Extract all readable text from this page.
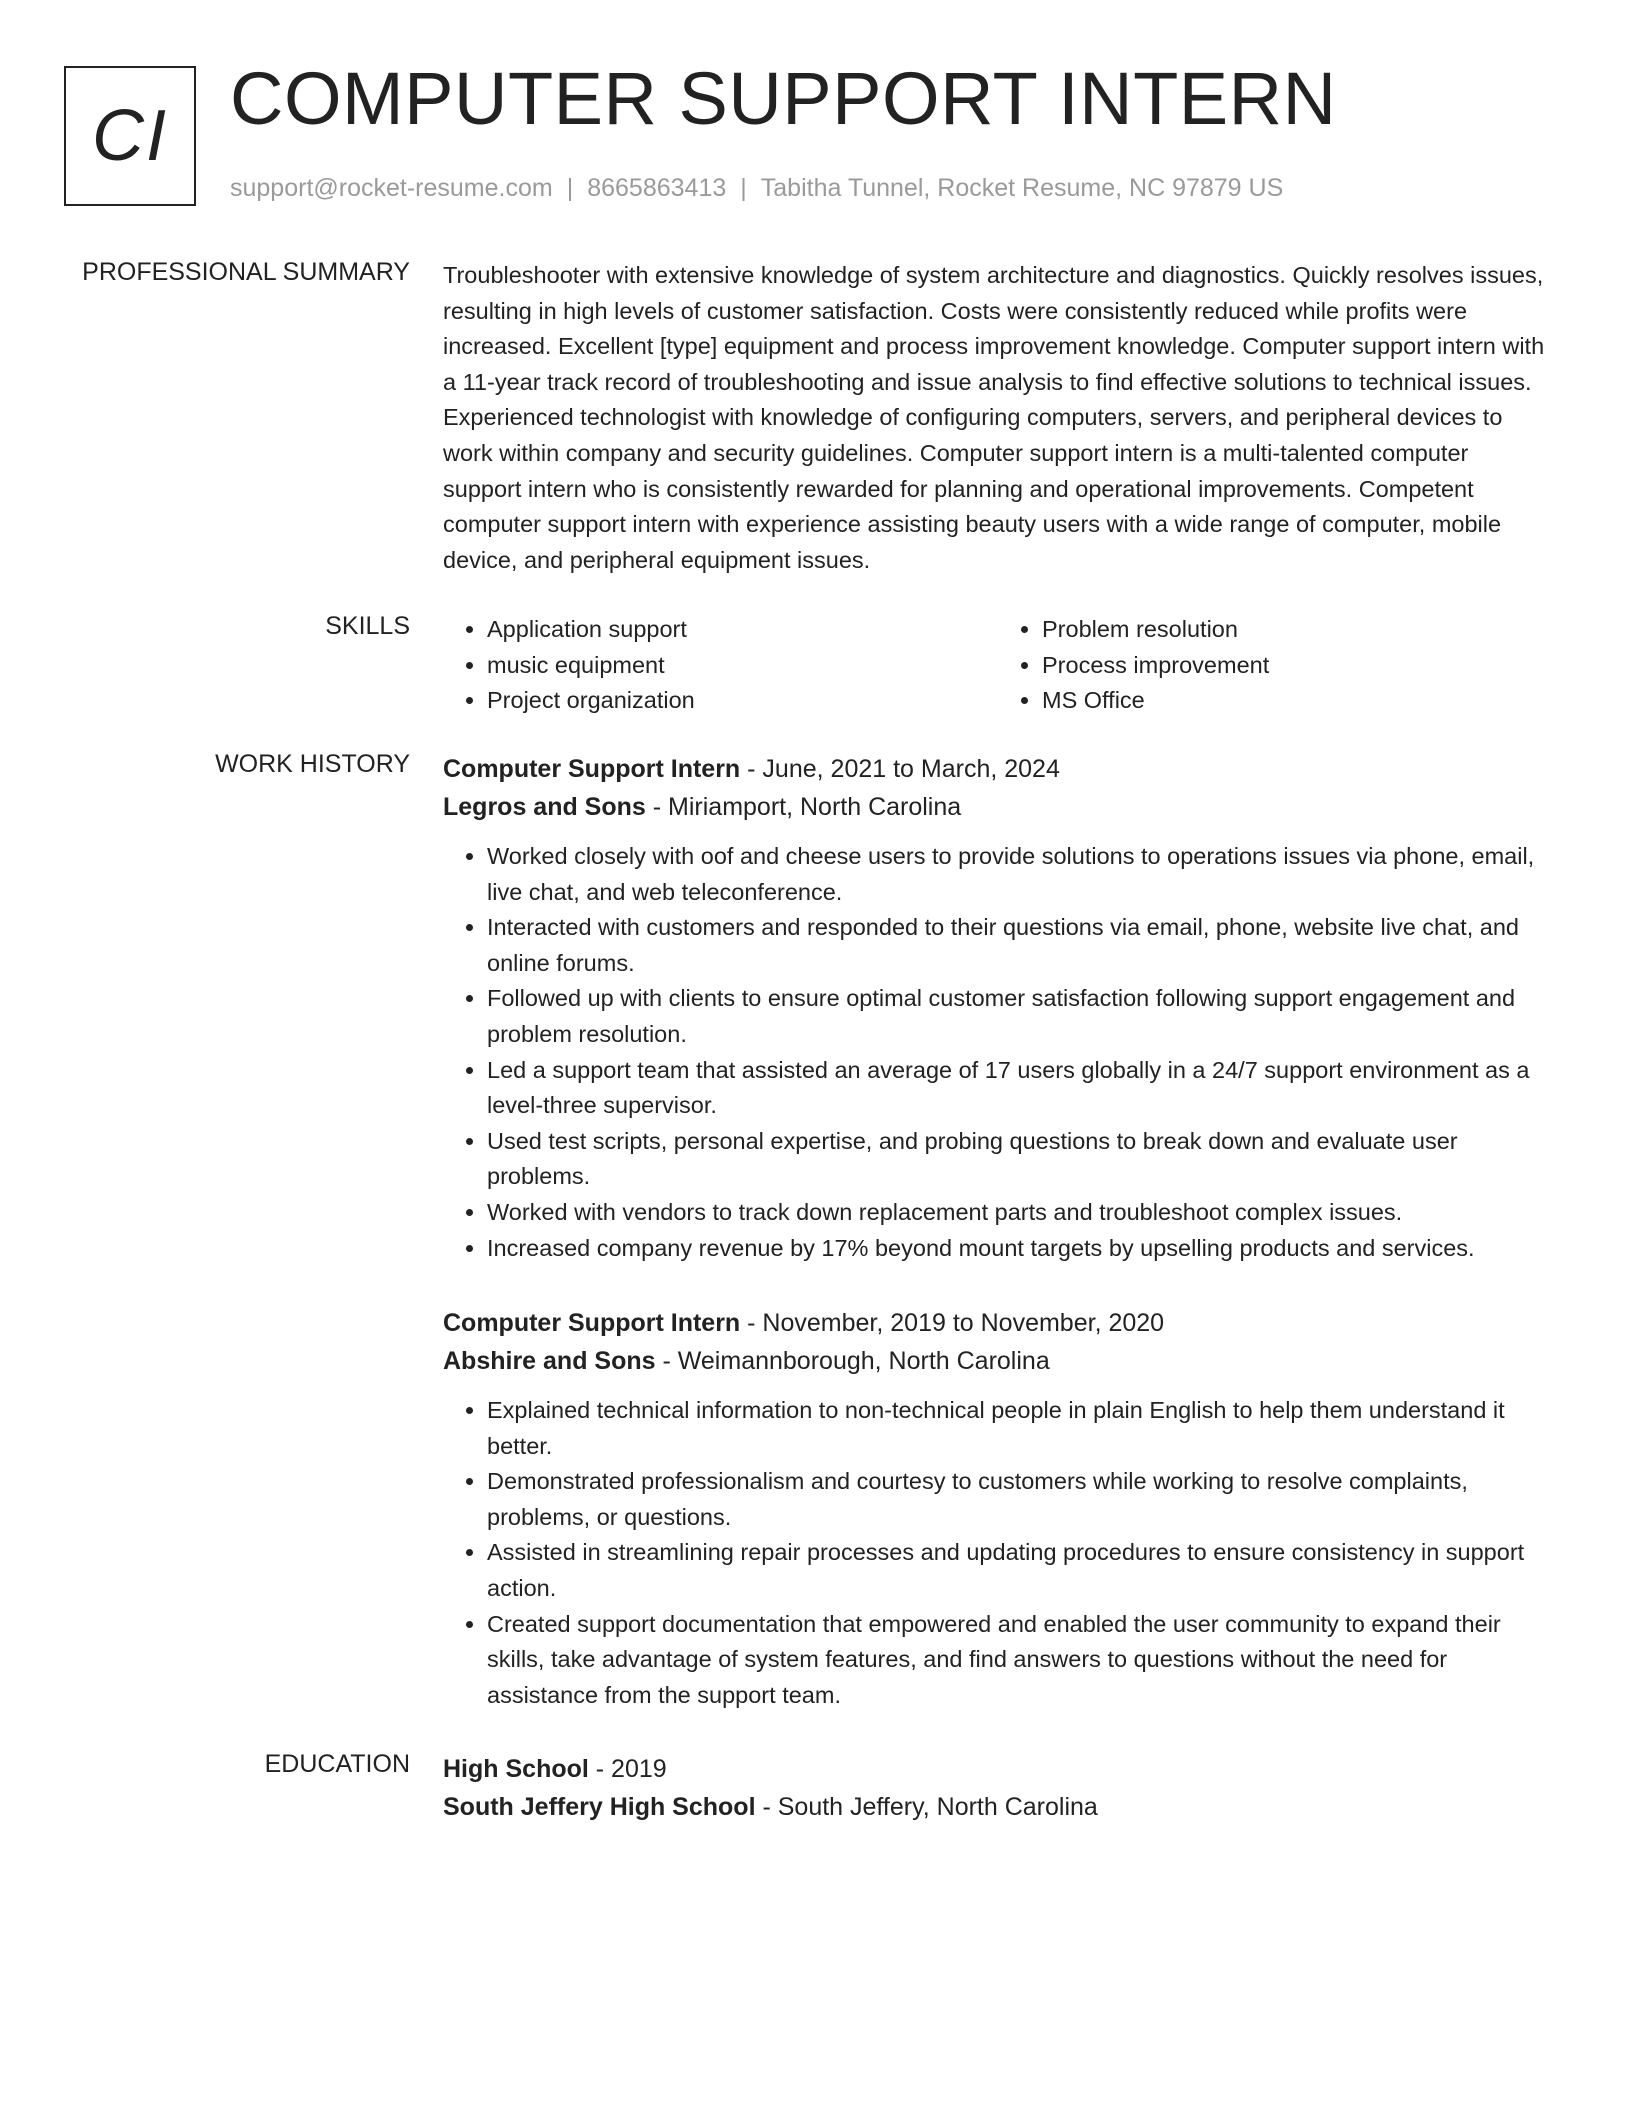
CI COMPUTER SUPPORT INTERN
support@rocket-resume.com | 8665863413 | Tabitha Tunnel, Rocket Resume, NC 97879 US
PROFESSIONAL SUMMARY Troubleshooter with extensive knowledge of system architecture and diagnostics. Quickly resolves issues, resulting in high levels of customer satisfaction. Costs were consistently reduced while profits were increased. Excellent [type] equipment and process improvement knowledge. Computer support intern with a 11-year track record of troubleshooting and issue analysis to find effective solutions to technical issues. Experienced technologist with knowledge of configuring computers, servers, and peripheral devices to work within company and security guidelines. Computer support intern is a multi-talented computer support intern who is consistently rewarded for planning and operational improvements. Competent computer support intern with experience assisting beauty users with a wide range of computer, mobile device, and peripheral equipment issues.

SKILLS
•	Application support
• music equipment
• Project organization
• Problem resolution
• Process improvement
• MS Office
WORK HISTORY Computer Support Intern - June, 2021 to March, 2024
Legros and Sons - Miriamport, North Carolina
• Worked closely with oof and cheese users to provide solutions to operations issues via phone, email, live chat, and web teleconference.
• Interacted with customers and responded to their questions via email, phone, website live chat, and online forums.
• Followed up with clients to ensure optimal customer satisfaction following support engagement and problem resolution.
• Led a support team that assisted an average of 17 users globally in a 24/7 support environment as a level-three supervisor.
• Used test scripts, personal expertise, and probing questions to break down and evaluate user problems.
• Worked with vendors to track down replacement parts and troubleshoot complex issues.
• Increased company revenue by 17% beyond mount targets by upselling products and services.
Computer Support Intern - November, 2019 to November, 2020
Abshire and Sons - Weimannborough, North Carolina
• Explained technical information to non-technical people in plain English to help them understand it better.
• Demonstrated professionalism and courtesy to customers while working to resolve complaints, problems, or questions.
• Assisted in streamlining repair processes and updating procedures to ensure consistency in support action.
• Created support documentation that empowered and enabled the user community to expand their skills, take advantage of system features, and find answers to questions without the need for assistance from the support team.
EDUCATION High School - 2019
South Jeffery High School - South Jeffery, North Carolina
